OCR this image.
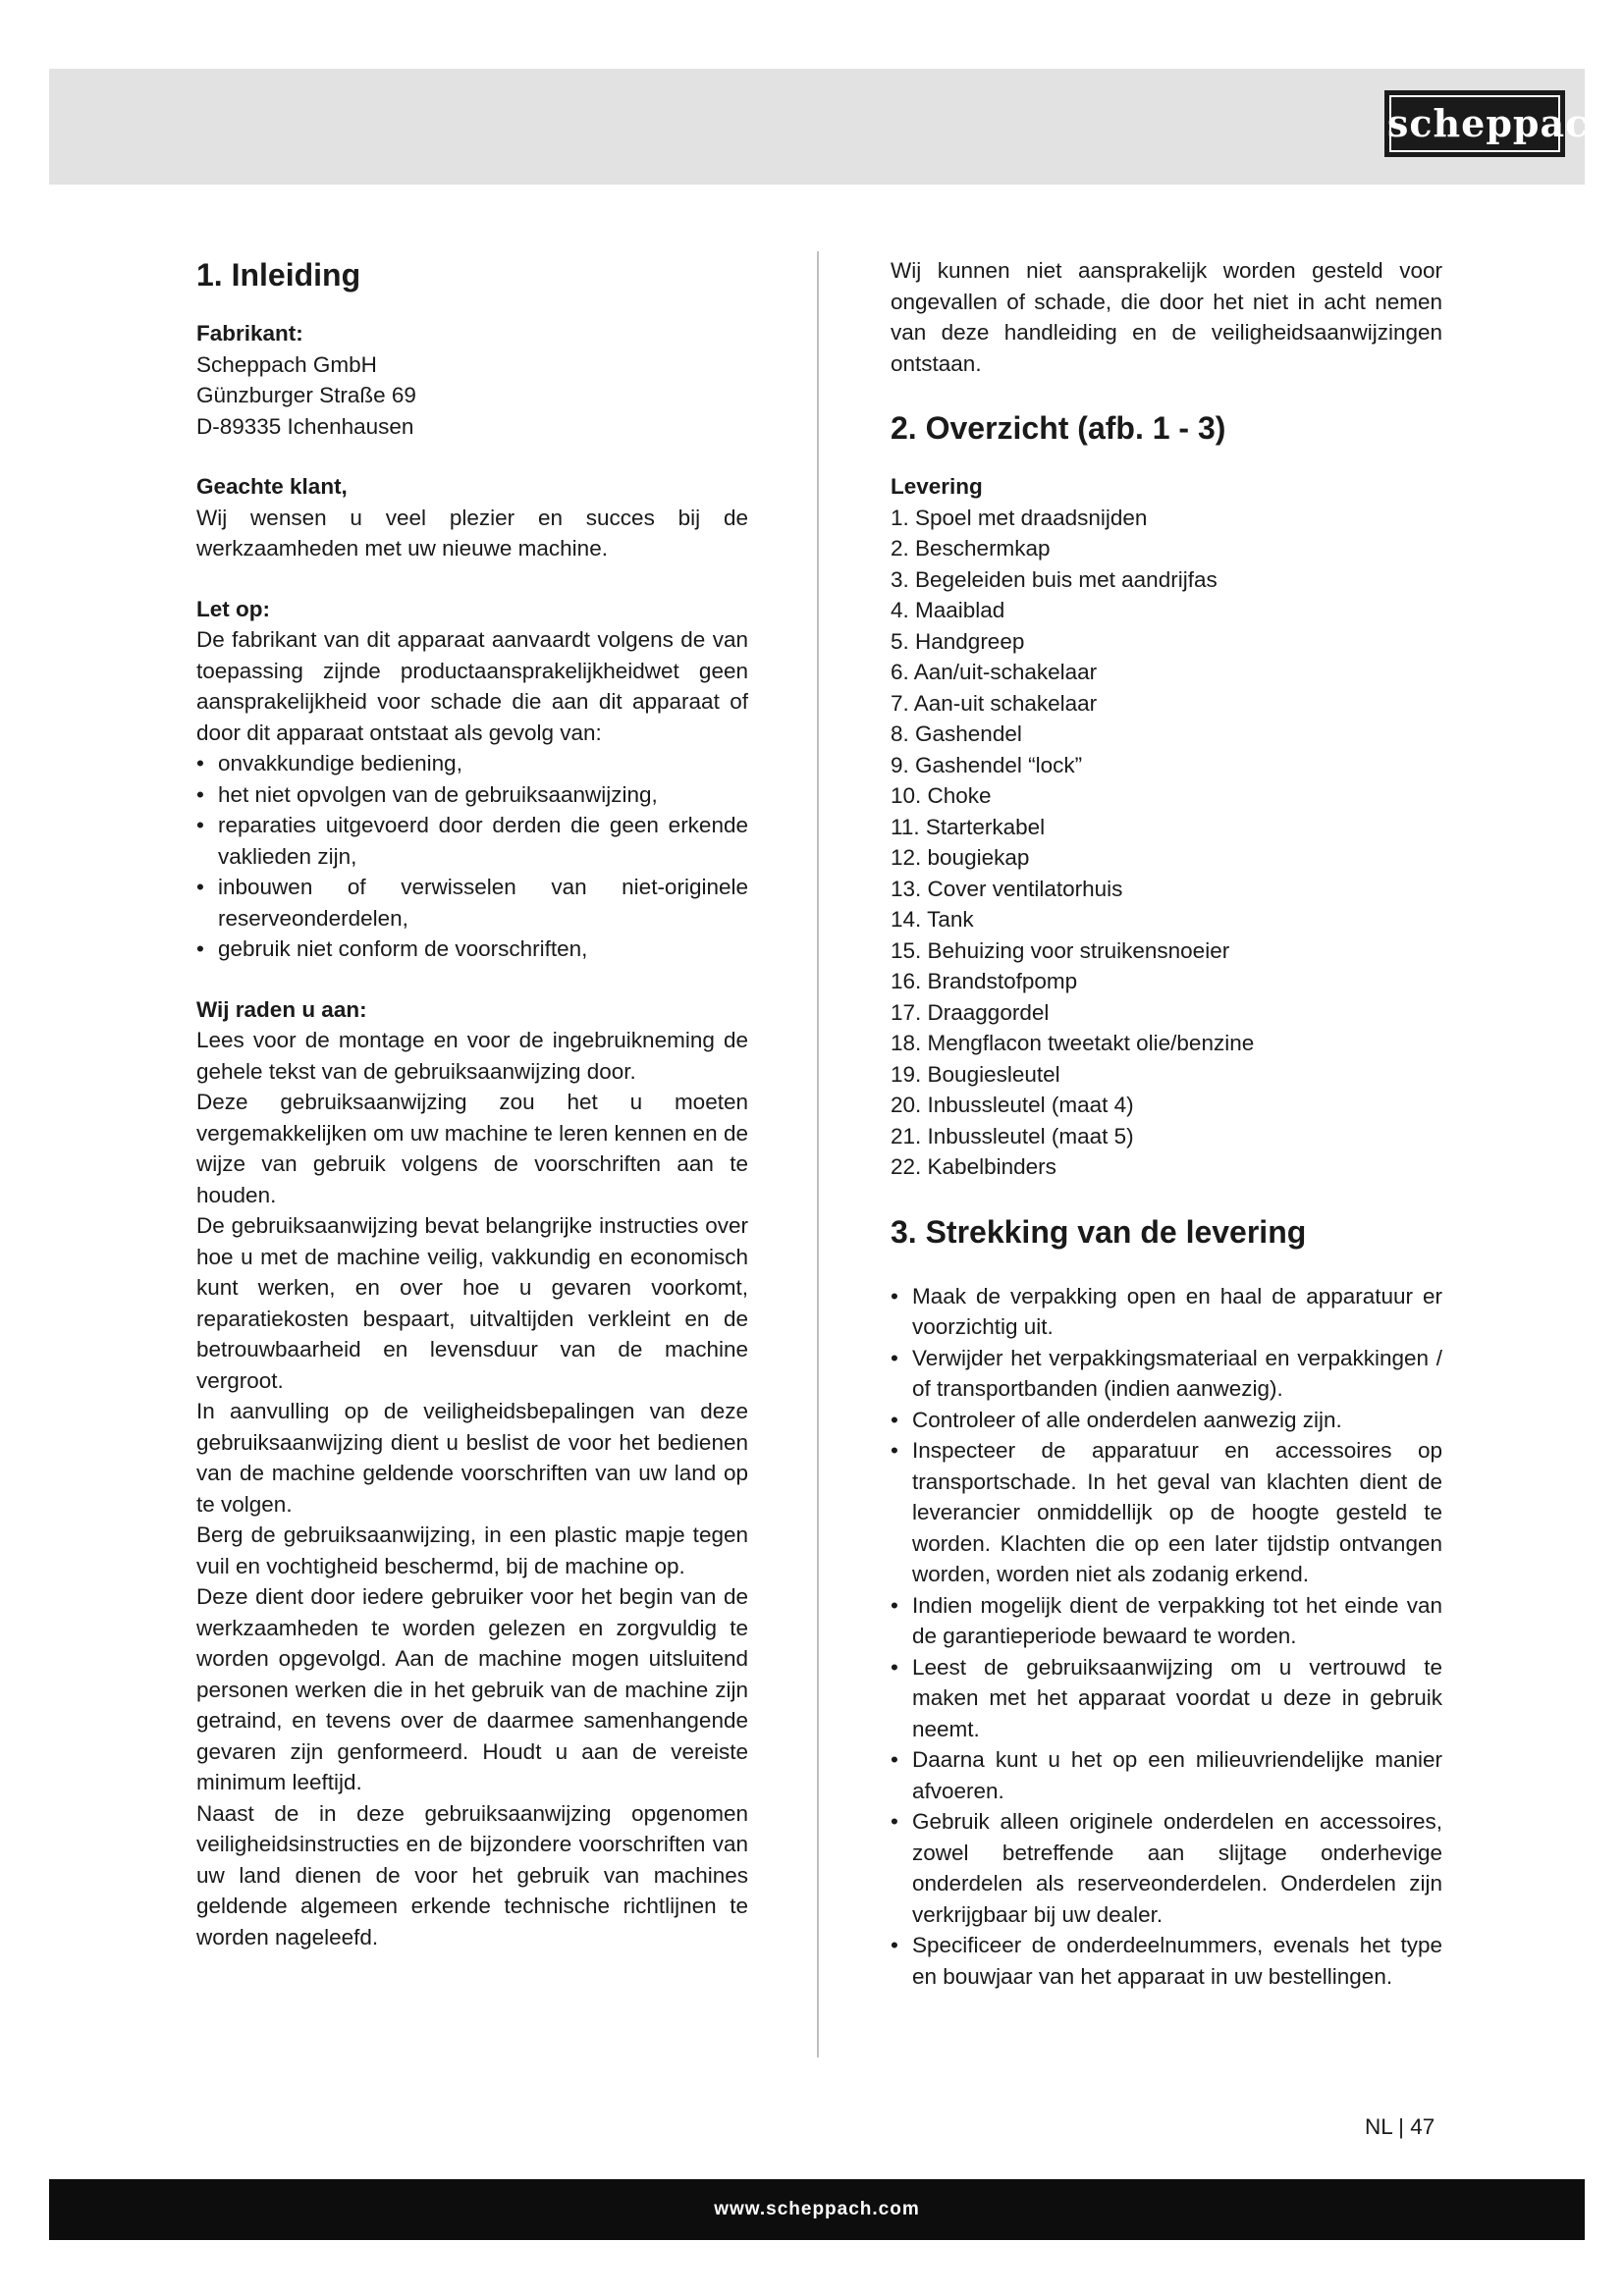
scheppach
1. Inleiding
Fabrikant:
Scheppach GmbH
Günzburger Straße 69
D-89335 Ichenhausen
Geachte klant,

Wij wensen u veel plezier en succes bij de werkzaamheden met uw nieuwe machine.

Let op:

De fabrikant van dit apparaat aanvaardt volgens de van toepassing zijnde productaansprakelijkheidwet geen aansprakelijkheid voor schade die aan dit apparaat of door dit apparaat ontstaat als gevolg van:

• onvakkundige bediening,
• het niet opvolgen van de gebruiksaanwijzing,
• reparaties uitgevoerd door derden die geen erkende vaklieden zijn,
• inbouwen of verwisselen van niet-originele reserveonderdelen,
• gebruik niet conform de voorschriften,
Wij raden u aan:

Lees voor de montage en voor de ingebruikneming de gehele tekst van de gebruiksaanwijzing door.

Deze gebruiksaanwijzing zou het u moeten vergemakkelijken om uw machine te leren kennen en de wijze van gebruik volgens de voorschriften aan te houden.

De gebruiksaanwijzing bevat belangrijke instructies over hoe u met de machine veilig, vakkundig en economisch kunt werken, en over hoe u gevaren voorkomt, reparatiekosten bespaart, uitvaltijden verkleint en de betrouwbaarheid en levensduur van de machine vergroot.

In aanvulling op de veiligheidsbepalingen van deze gebruiksaanwijzing dient u beslist de voor het bedienen van de machine geldende voorschriften van uw land op te volgen.

Berg de gebruiksaanwijzing, in een plastic mapje tegen vuil en vochtigheid beschermd, bij de machine op.

Deze dient door iedere gebruiker voor het begin van de werkzaamheden te worden gelezen en zorgvuldig te worden opgevolgd. Aan de machine mogen uitsluitend personen werken die in het gebruik van de machine zijn getraind, en tevens over de daarmee samenhangende gevaren zijn genformeerd. Houdt u aan de vereiste minimum leeftijd.

Naast de in deze gebruiksaanwijzing opgenomen veiligheidsinstructies en de bijzondere voorschriften van uw land dienen de voor het gebruik van machines geldende algemeen erkende technische richtlijnen te worden nageleefd.

Wij kunnen niet aansprakelijk worden gesteld voor ongevallen of schade, die door het niet in acht nemen van deze handleiding en de veiligheidsaanwijzingen ontstaan.

2. Overzicht (afb. 1 - 3)
Levering
1. Spoel met draadsnijden
2. Beschermkap
3. Begeleiden buis met aandrijfas
4. Maaiblad
5. Handgreep
6. Aan/uit-schakelaar
7. Aan-uit schakelaar
8. Gashendel
9. Gashendel “lock”
10. Choke
11. Starterkabel
12. bougiekap
13. Cover ventilatorhuis
14. Tank
15. Behuizing voor struikensnoeier
16. Brandstofpomp
17. Draaggordel
18. Mengflacon tweetakt olie/benzine
19. Bougiesleutel
20. Inbussleutel (maat 4)
21. Inbussleutel (maat 5)
22. Kabelbinders
3. Strekking van de levering
• Maak de verpakking open en haal de apparatuur er voorzichtig uit.
• Verwijder het verpakkingsmateriaal en verpakkingen / of transportbanden (indien aanwezig).
• Controleer of alle onderdelen aanwezig zijn.
• Inspecteer de apparatuur en accessoires op transportschade. In het geval van klachten dient de leverancier onmiddellijk op de hoogte gesteld te worden. Klachten die op een later tijdstip ontvangen worden, worden niet als zodanig erkend.
• Indien mogelijk dient de verpakking tot het einde van de garantieperiode bewaard te worden.
• Leest de gebruiksaanwijzing om u vertrouwd te maken met het apparaat voordat u deze in gebruik neemt.
• Daarna kunt u het op een milieuvriendelijke manier afvoeren.
• Gebruik alleen originele onderdelen en accessoires, zowel betreffende aan slijtage onderhevige onderdelen als reserveonderdelen. Onderdelen zijn verkrijgbaar bij uw dealer.
• Specificeer de onderdeelnummers, evenals het type en bouwjaar van het apparaat in uw bestellingen.
NL | 47
www.scheppach.com
